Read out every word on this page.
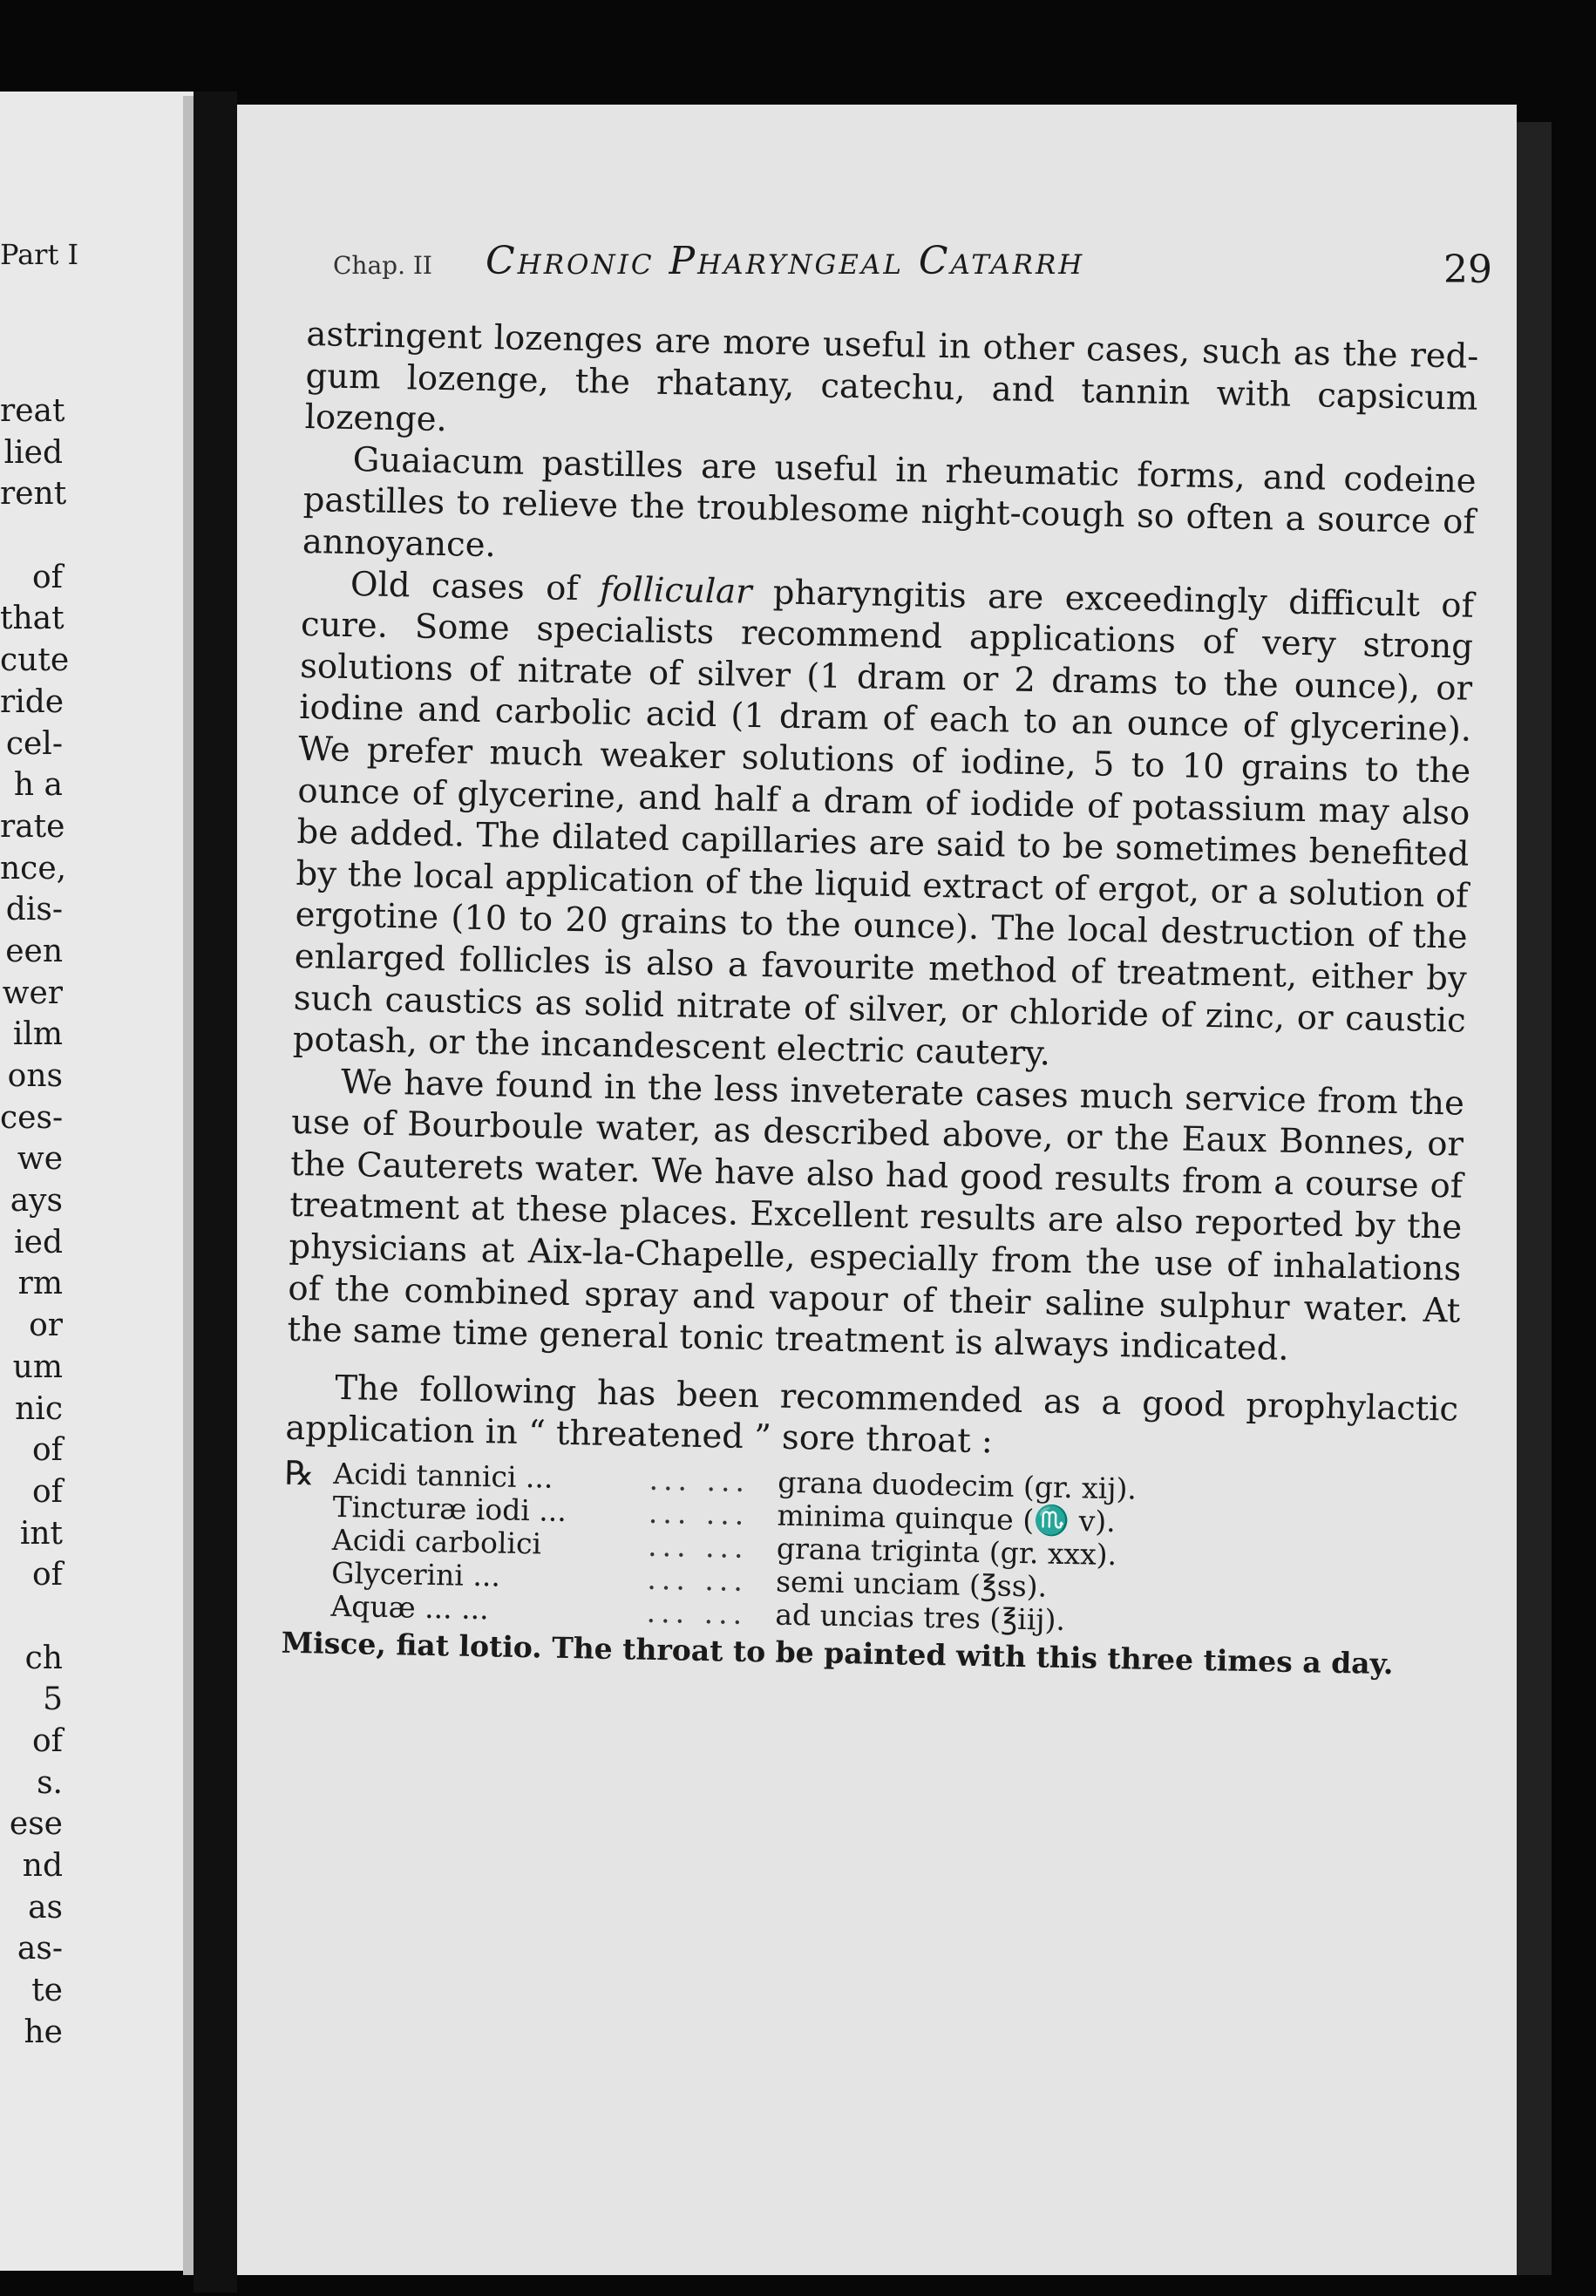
Part I
reat
lied
rent
of
that
cute
ride
cel-
h a
rate
nce,
dis-
een
wer
ilm
ons
ces-
we
ays
ied
rm
or
um
nic
of
of
int
of
ch
5
of
s.
ese
nd
as
as-
te
he
Chap. II Chronic Pharyngeal Catarrh	29

astringent lozenges are more useful in other cases, such as the red-gum lozenge, the rhatany, catechu, and tannin with capsicum lozenge.

Guaiacum pastilles are useful in rheumatic forms, and codeine pastilles to relieve the troublesome night-cough so often a source of annoyance.

Old cases of follicular pharyngitis are exceedingly difficult of cure. Some specialists recommend applications of very strong solutions of nitrate of silver (1 dram or 2 drams to the ounce), or iodine and carbolic acid (1 dram of each to an ounce of glycerine). We prefer much weaker solutions of iodine, 5 to 10 grains to the ounce of glycerine, and half a dram of iodide of potassium may also be added. The dilated capillaries are said to be sometimes benefited by the local application of the liquid extract of ergot, or a solution of ergotine (10 to 20 grains to the ounce). The local destruction of the enlarged follicles is also a favourite method of treatment, either by such caustics as solid nitrate of silver, or chloride of zinc, or caustic potash, or the incandescent electric cautery.

We have found in the less inveterate cases much service from the use of Bourboule water, as described above, or the Eaux Bonnes, or the Cauterets water. We have also had good results from a course of treatment at these places. Excellent results are also reported by the physicians at Aix-la-Chapelle, especially from the use of inhalations of the combined spray and vapour of their saline sulphur water. At the same time general tonic treatment is always indicated.

The following has been recommended as a good prophylactic application in “ threatened ” sore throat :

℞	Acidi tannici ...	... ...	grana duodecim (gr. xij).
	Tincturæ iodi ...	... ...	minima quinque (♏ v).
	Acidi carbolici	... ...	grana triginta (gr. xxx).
	Glycerini ...	... ...	semi unciam (℥ss).
	Aquæ ... ...	... ...	ad uncias tres (℥iij).

Misce, fiat lotio. The throat to be painted with this three times a day.
